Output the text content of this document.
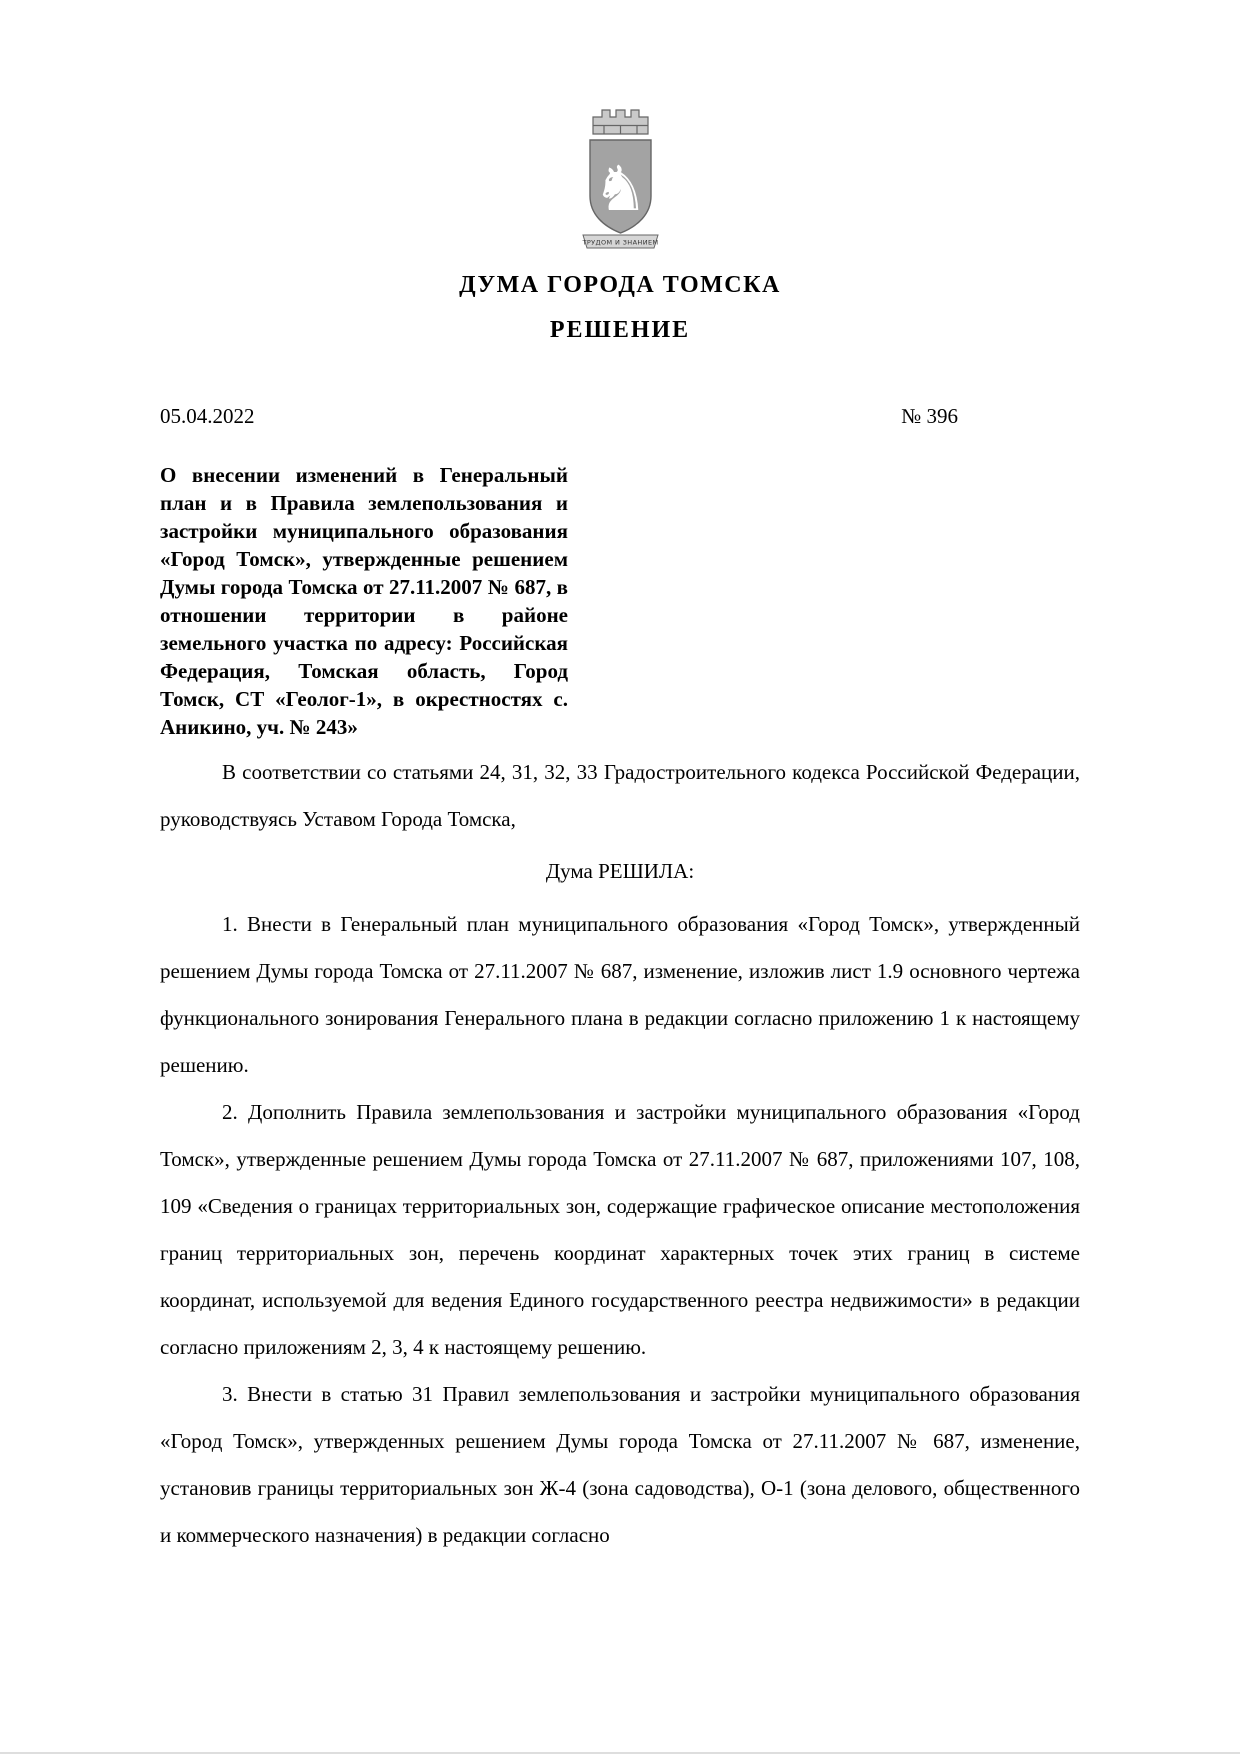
♞
ТРУДОМ И ЗНАНИЕМ
ДУМА ГОРОДА ТОМСКА
РЕШЕНИЕ
05.04.2022	№ 396
О внесении изменений в Генеральный план и в Правила землепользования и застройки муниципального образования «Город Томск», утвержденные решением Думы города Томска от 27.11.2007 № 687, в отношении территории в районе земельного участка по адресу: Российская Федерация, Томская область, Город Томск, СТ «Геолог-1», в окрестностях с. Аникино, уч. № 243»

В соответствии со статьями 24, 31, 32, 33 Градостроительного кодекса Российской Федерации, руководствуясь Уставом Города Томска,

Дума РЕШИЛА:

1. Внести в Генеральный план муниципального образования «Город Томск», утвержденный решением Думы города Томска от 27.11.2007 № 687, изменение, изложив лист 1.9 основного чертежа функционального зонирования Генерального плана в редакции согласно приложению 1 к настоящему решению.

2. Дополнить Правила землепользования и застройки муниципального образования «Город Томск», утвержденные решением Думы города Томска от 27.11.2007 № 687, приложениями 107, 108, 109 «Сведения о границах территориальных зон, содержащие графическое описание местоположения границ территориальных зон, перечень координат характерных точек этих границ в системе координат, используемой для ведения Единого государственного реестра недвижимости» в редакции согласно приложениям 2, 3, 4 к настоящему решению.

3. Внести в статью 31 Правил землепользования и застройки муниципального образования «Город Томск», утвержденных решением Думы города Томска от 27.11.2007 № 687, изменение, установив границы территориальных зон Ж-4 (зона садоводства), О-1 (зона делового, общественного и коммерческого назначения) в редакции согласно
